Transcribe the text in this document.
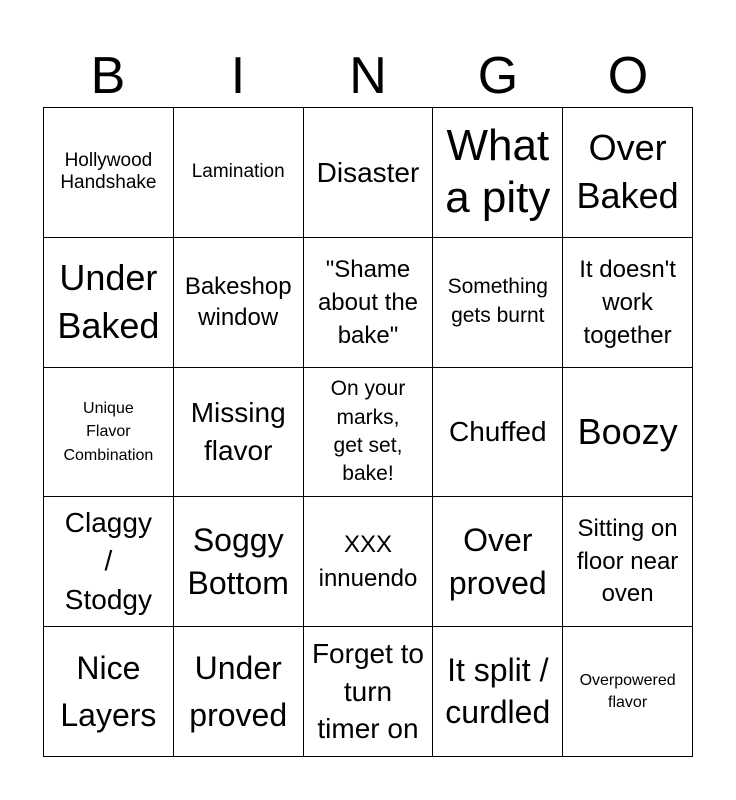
B	I	N	G	O
Hollywood Handshake
Lamination Disaster
What a pity
Over Baked
Under Baked
Bakeshop window
"Shame about the bake"
Something gets burnt
It doesn't work together
Unique Flavor Combination
Missing flavor
On your marks, get set, bake!
Chuffed Boozy
Claggy / Stodgy
Soggy Bottom
XXX innuendo
Over proved
Sitting on floor near oven
Nice Layers
Under proved
Forget to turn timer on
It split / curdled
Overpowered flavor
